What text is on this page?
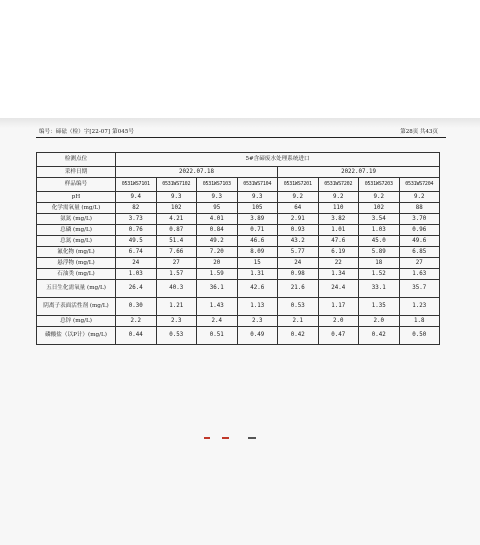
编号：碲砝（检）字[22-07] 第045号	第28页 共43页
检测点位	5#含碲废水处理系统进口							
采样日期	2022.07.18				2022.07.19			
样品编号	0531WS7101	0531WS7102	0531WS7103	0531WS7104	0531WS7201	0531WS7202	0531WS7203	0531WS7204
pH	9.4	9.3	9.3	9.3	9.2	9.2	9.2	9.2
化学需氧量 (mg/L)	82	102	95	105	64	110	102	88
氨氮 (mg/L)	3.73	4.21	4.01	3.89	2.91	3.82	3.54	3.70
总磷 (mg/L)	0.76	0.87	0.84	0.71	0.93	1.01	1.03	0.96
总氮 (mg/L)	49.5	51.4	49.2	46.6	43.2	47.6	45.0	49.6
氟化物 (mg/L)	6.74	7.66	7.20	8.09	5.77	6.19	5.89	6.85
悬浮物 (mg/L)	24	27	20	15	24	22	18	27
石油类 (mg/L)	1.03	1.57	1.59	1.31	0.98	1.34	1.52	1.63
五日生化需氧量 (mg/L)	26.4	40.3	36.1	42.6	21.6	24.4	33.1	35.7
阴离子表面活性剂 (mg/L)	0.30	1.21	1.43	1.13	0.53	1.17	1.35	1.23
总锌 (mg/L)	2.2	2.3	2.4	2.3	2.1	2.0	2.0	1.8
磷酸盐（以P计）(mg/L)	0.44	0.53	0.51	0.49	0.42	0.47	0.42	0.50
